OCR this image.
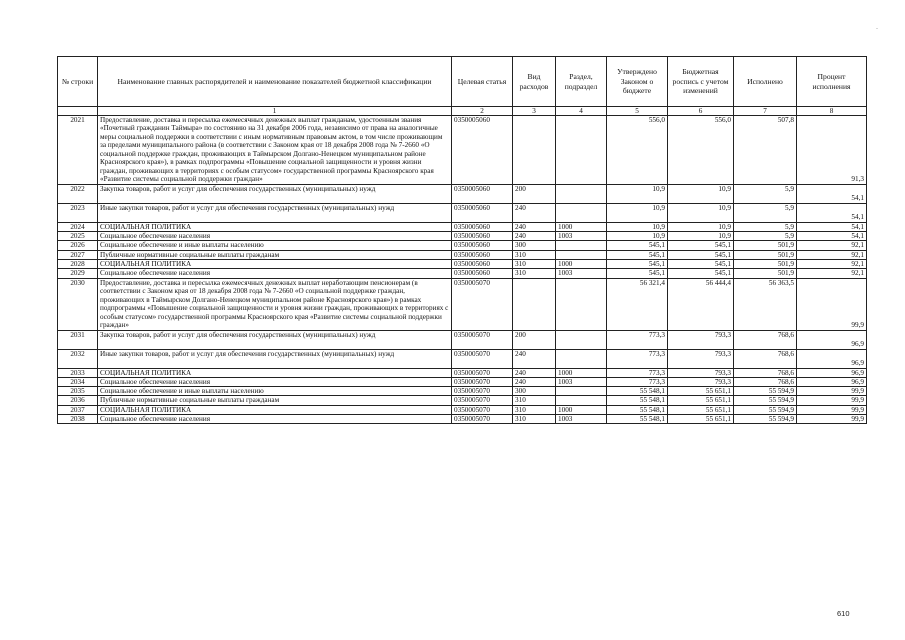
-
№ строки	Наименование главных распорядителей и наименование показателей бюджетной классификации	Целевая статья	Вид расходов	Раздел, подраздел	Утверждено Законом о бюджете	Бюджетная роспись с учетом изменений	Исполнено	Процент исполнения
	1	2	3	4	5	6	7	8
2021	Предоставление, доставка и пересылка ежемесячных денежных выплат гражданам, удостоенным звания «Почетный гражданин Таймыра» по состоянию на 31 декабря 2006 года, независимо от права на аналогичные меры социальной поддержки в соответствии с иным нормативным правовым актом, в том числе проживающим за пределами муниципального района (в соответствии с Законом края от 18 декабря 2008 года № 7-2660 «О социальной поддержке граждан, проживающих в Таймырском Долгано-Ненецком муниципальном районе Красноярского края»), в рамках подпрограммы «Повышение социальной защищенности и уровня жизни граждан, проживающих в территориях с особым статусом» государственной программы Красноярского края «Развитие системы социальной поддержки граждан»	0350005060			556,0	556,0	507,8	91,3
2022	Закупка товаров, работ и услуг для обеспечения государственных (муниципальных) нужд	0350005060	200		10,9	10,9	5,9	54,1
2023	Иные закупки товаров, работ и услуг для обеспечения государственных (муниципальных) нужд	0350005060	240		10,9	10,9	5,9	54,1
2024	СОЦИАЛЬНАЯ ПОЛИТИКА	0350005060	240	1000	10,9	10,9	5,9	54,1
2025	Социальное обеспечение населения	0350005060	240	1003	10,9	10,9	5,9	54,1
2026	Социальное обеспечение и иные выплаты населению	0350005060	300		545,1	545,1	501,9	92,1
2027	Публичные нормативные социальные выплаты гражданам	0350005060	310		545,1	545,1	501,9	92,1
2028	СОЦИАЛЬНАЯ ПОЛИТИКА	0350005060	310	1000	545,1	545,1	501,9	92,1
2029	Социальное обеспечение населения	0350005060	310	1003	545,1	545,1	501,9	92,1
2030	Предоставление, доставка и пересылка ежемесячных денежных выплат неработающим пенсионерам (в соответствии с Законом края от 18 декабря 2008 года № 7-2660 «О социальной поддержке граждан, проживающих в Таймырском Долгано-Ненецком муниципальном районе Красноярского края») в рамках подпрограммы «Повышение социальной защищенности и уровня жизни граждан, проживающих в территориях с особым статусом» государственной программы Красноярского края «Развитие системы социальной поддержки граждан»	0350005070			56 321,4	56 444,4	56 363,5	99,9
2031	Закупка товаров, работ и услуг для обеспечения государственных (муниципальных) нужд	0350005070	200		773,3	793,3	768,6	96,9
2032	Иные закупки товаров, работ и услуг для обеспечения государственных (муниципальных) нужд	0350005070	240		773,3	793,3	768,6	96,9
2033	СОЦИАЛЬНАЯ ПОЛИТИКА	0350005070	240	1000	773,3	793,3	768,6	96,9
2034	Социальное обеспечение населения	0350005070	240	1003	773,3	793,3	768,6	96,9
2035	Социальное обеспечение и иные выплаты населению	0350005070	300		55 548,1	55 651,1	55 594,9	99,9
2036	Публичные нормативные социальные выплаты гражданам	0350005070	310		55 548,1	55 651,1	55 594,9	99,9
2037	СОЦИАЛЬНАЯ ПОЛИТИКА	0350005070	310	1000	55 548,1	55 651,1	55 594,9	99,9
2038	Социальное обеспечение населения	0350005070	310	1003	55 548,1	55 651,1	55 594,9	99,9
610
